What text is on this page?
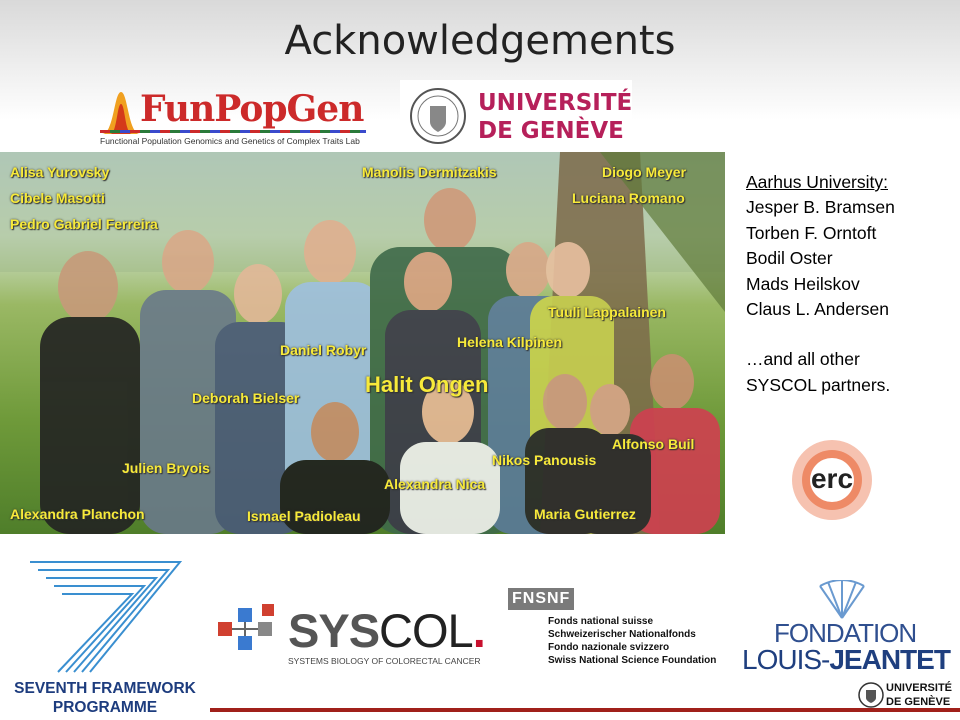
Acknowledgements
FunPopGen
Functional Population Genomics and Genetics of Complex Traits Lab
UNIVERSITÉ
DE GENÈVE
Alisa Yurovsky
Cibele Masotti
Pedro Gabriel Ferreira
Manolis Dermitzakis	Diogo Meyer
Luciana Romano
Tuuli Lappalainen
Daniel Robyr	Helena Kilpinen
Halit Ongen
Deborah Bielser
Alfonso Buil
Julien Bryois	Nikos Panousis
Alexandra Nica
Alexandra Planchon	Ismael Padioleau	Maria Gutierrez
Aarhus University:
Jesper B. Bramsen
Torben F. Orntoft
Bodil Oster
Mads Heilskov
Claus L. Andersen
…and all other
SYSCOL partners.
erc
SEVENTH FRAMEWORK
PROGRAMME
SYSCOL.
SYSTEMS BIOLOGY OF COLORECTAL CANCER
FNSNF
Fonds national suisse
Schweizerischer Nationalfonds
Fondo nazionale svizzero
Swiss National Science Foundation
FONDATION
LOUIS-JEANTET
UNIVERSITÉ
DE GENÈVE
